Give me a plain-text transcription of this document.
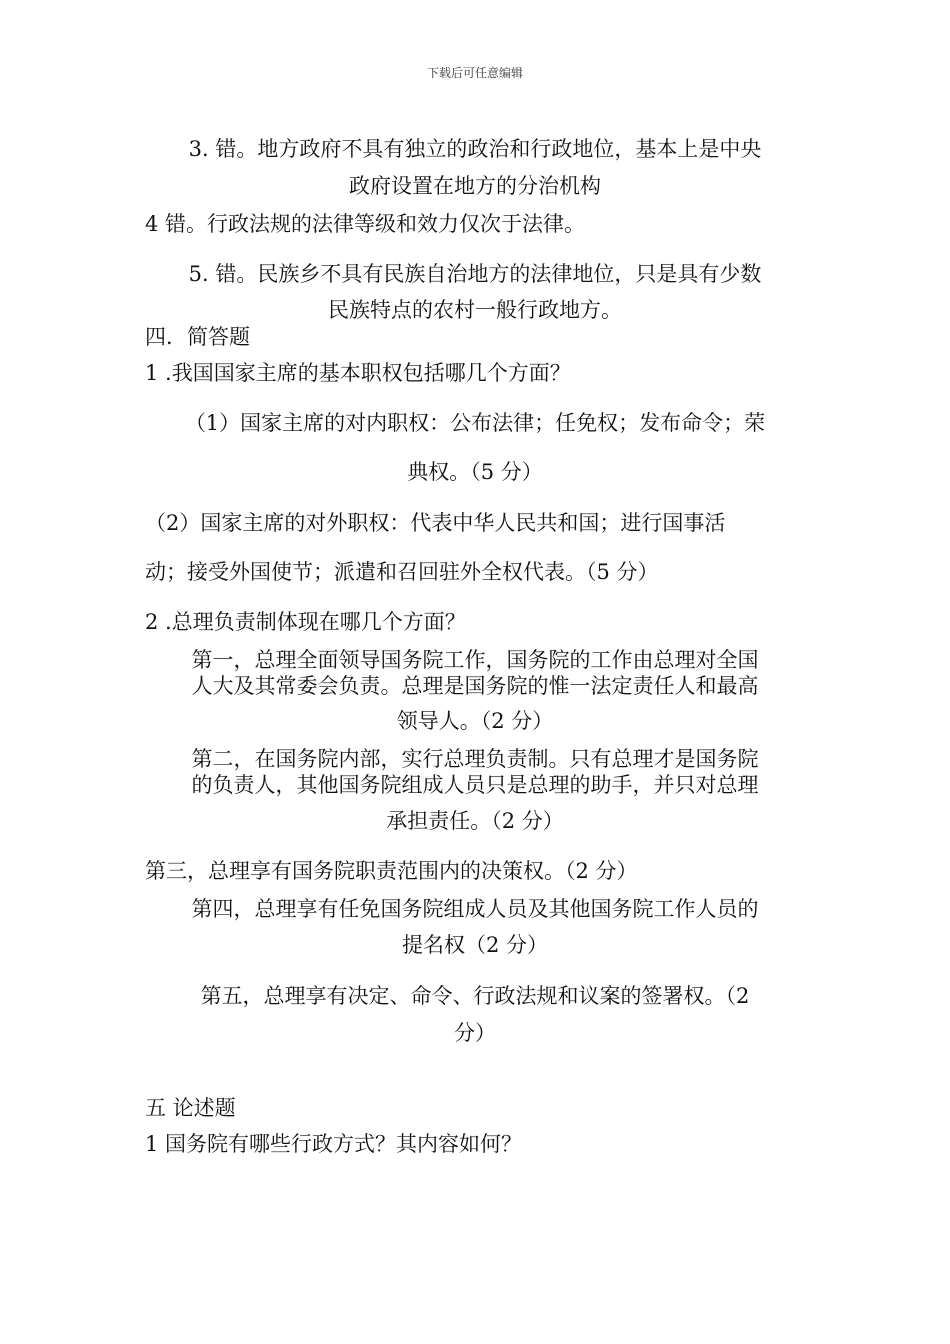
下载后可任意编辑
3. 错。地方政府不具有独立的政治和行政地位，基本上是中央
政府设置在地方的分治机构
4 错。行政法规的法律等级和效力仅次于法律。
5. 错。民族乡不具有民族自治地方的法律地位，只是具有少数
民族特点的农村一般行政地方。
四．简答题
1 .我国国家主席的基本职权包括哪几个方面？
（1）国家主席的对内职权：公布法律；任免权；发布命令；荣
典权。（5 分）
（2）国家主席的对外职权：代表中华人民共和国；进行国事活
动；接受外国使节；派遣和召回驻外全权代表。（5 分）
2 .总理负责制体现在哪几个方面？
第一，总理全面领导国务院工作，国务院的工作由总理对全国
人大及其常委会负责。总理是国务院的惟一法定责任人和最高
领导人。（2 分）
第二，在国务院内部，实行总理负责制。只有总理才是国务院
的负责人，其他国务院组成人员只是总理的助手，并只对总理
承担责任。（2 分）
第三，总理享有国务院职责范围内的决策权。（2 分）
第四，总理享有任免国务院组成人员及其他国务院工作人员的
提名权（2 分）
第五，总理享有决定、命令、行政法规和议案的签署权。（2
分）
五 论述题
1 国务院有哪些行政方式？其内容如何？
